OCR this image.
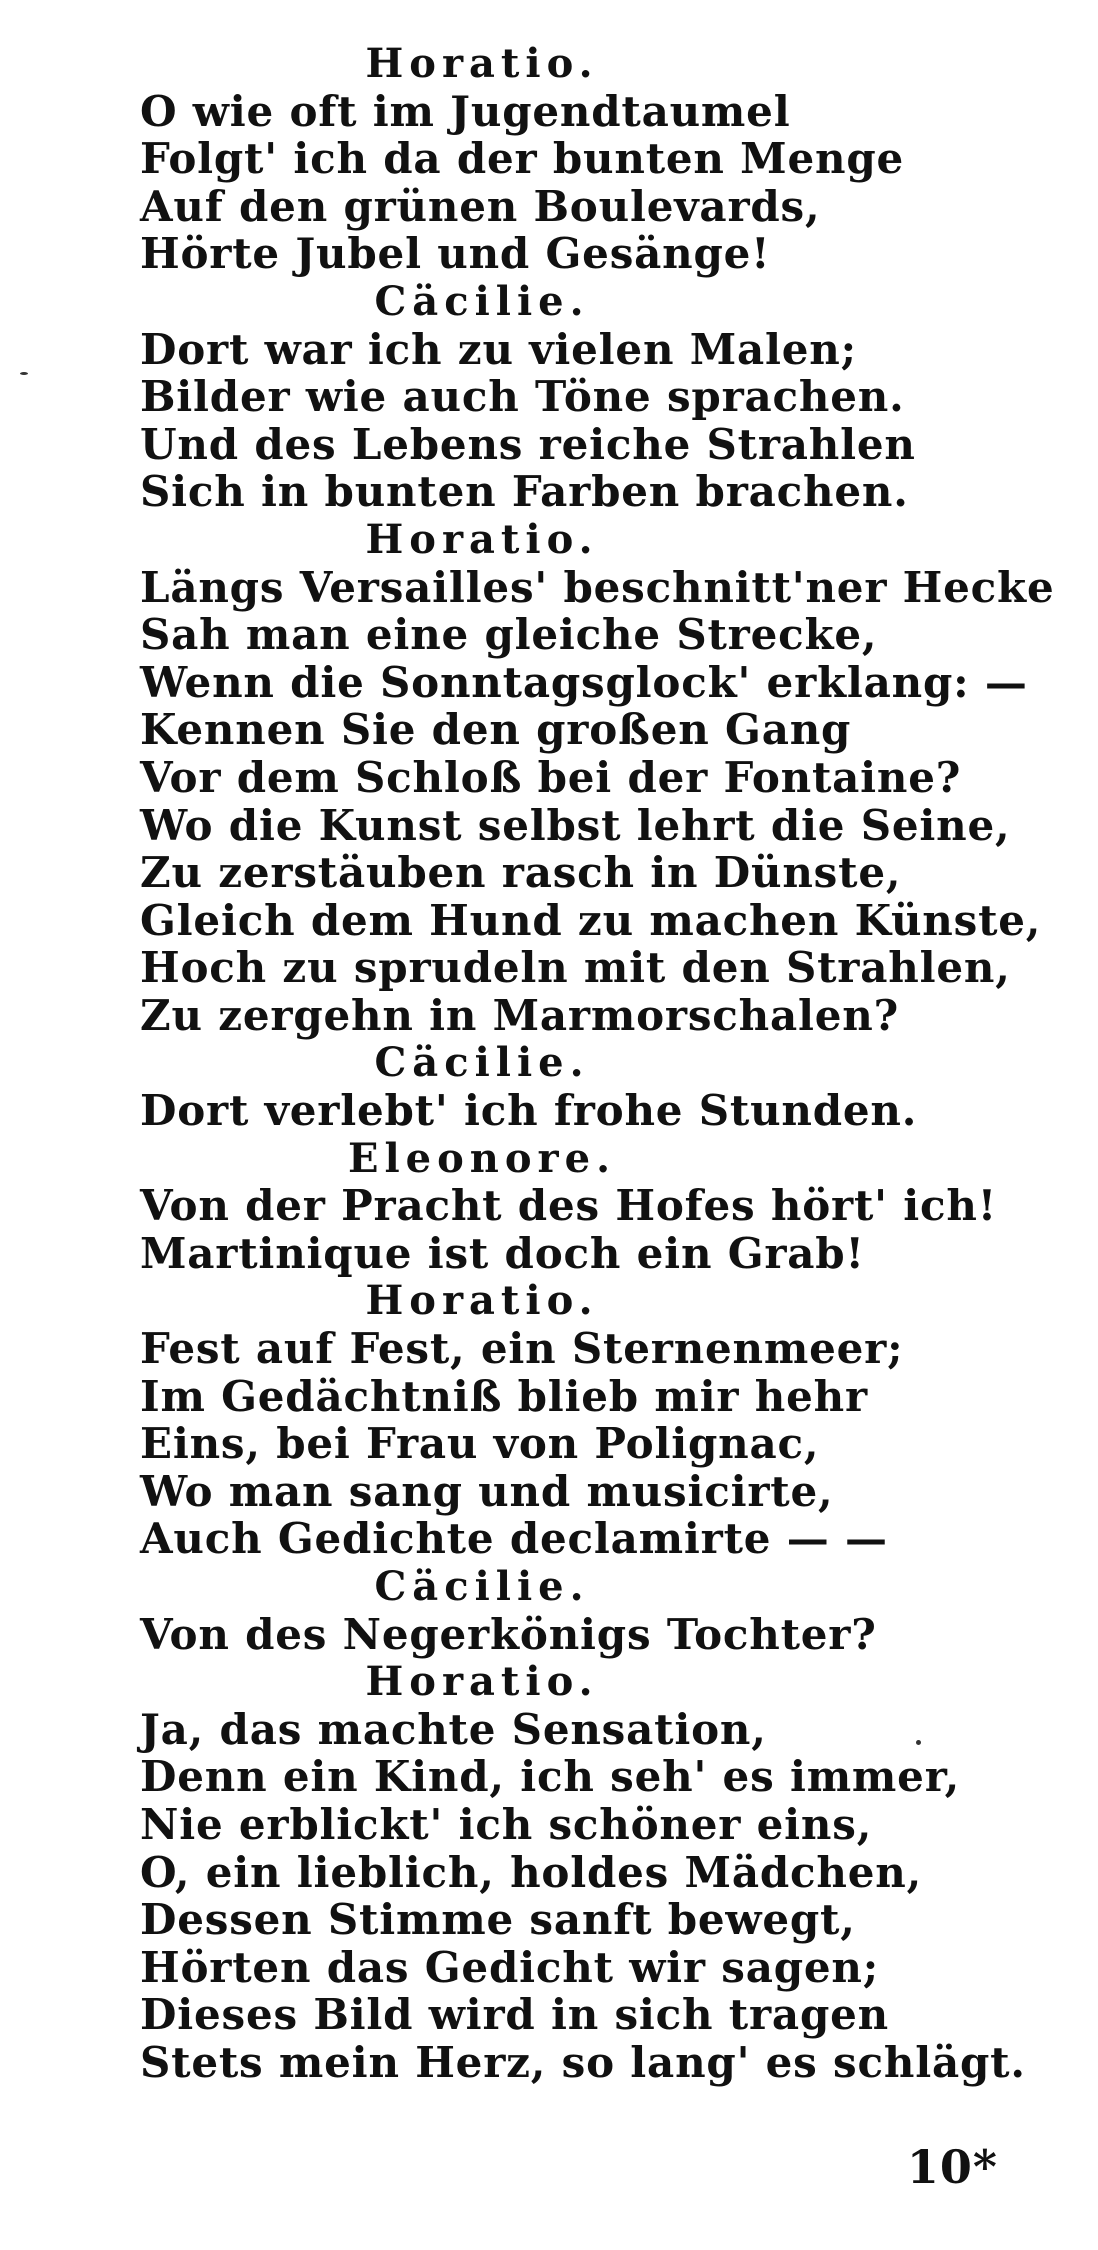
Horatio.
O wie oft im Jugendtaumel
Folgt' ich da der bunten Menge
Auf den grünen Boulevards,
Hörte Jubel und Gesänge!
Cäcilie.
Dort war ich zu vielen Malen;
Bilder wie auch Töne sprachen.
Und des Lebens reiche Strahlen
Sich in bunten Farben brachen.
Horatio.
Längs Versailles' beschnitt'ner Hecke
Sah man eine gleiche Strecke,
Wenn die Sonntagsglock' erklang: —
Kennen Sie den großen Gang
Vor dem Schloß bei der Fontaine?
Wo die Kunst selbst lehrt die Seine,
Zu zerstäuben rasch in Dünste,
Gleich dem Hund zu machen Künste,
Hoch zu sprudeln mit den Strahlen,
Zu zergehn in Marmorschalen?
Cäcilie.
Dort verlebt' ich frohe Stunden.
Eleonore.
Von der Pracht des Hofes hört' ich!
Martinique ist doch ein Grab!
Horatio.
Fest auf Fest, ein Sternenmeer;
Im Gedächtniß blieb mir hehr
Eins, bei Frau von Polignac,
Wo man sang und musicirte,
Auch Gedichte declamirte — —
Cäcilie.
Von des Negerkönigs Tochter?
Horatio.
Ja, das machte Sensation,
Denn ein Kind, ich seh' es immer,
Nie erblickt' ich schöner eins,
O, ein lieblich, holdes Mädchen,
Dessen Stimme sanft bewegt,
Hörten das Gedicht wir sagen;
Dieses Bild wird in sich tragen
Stets mein Herz, so lang' es schlägt.
10*
